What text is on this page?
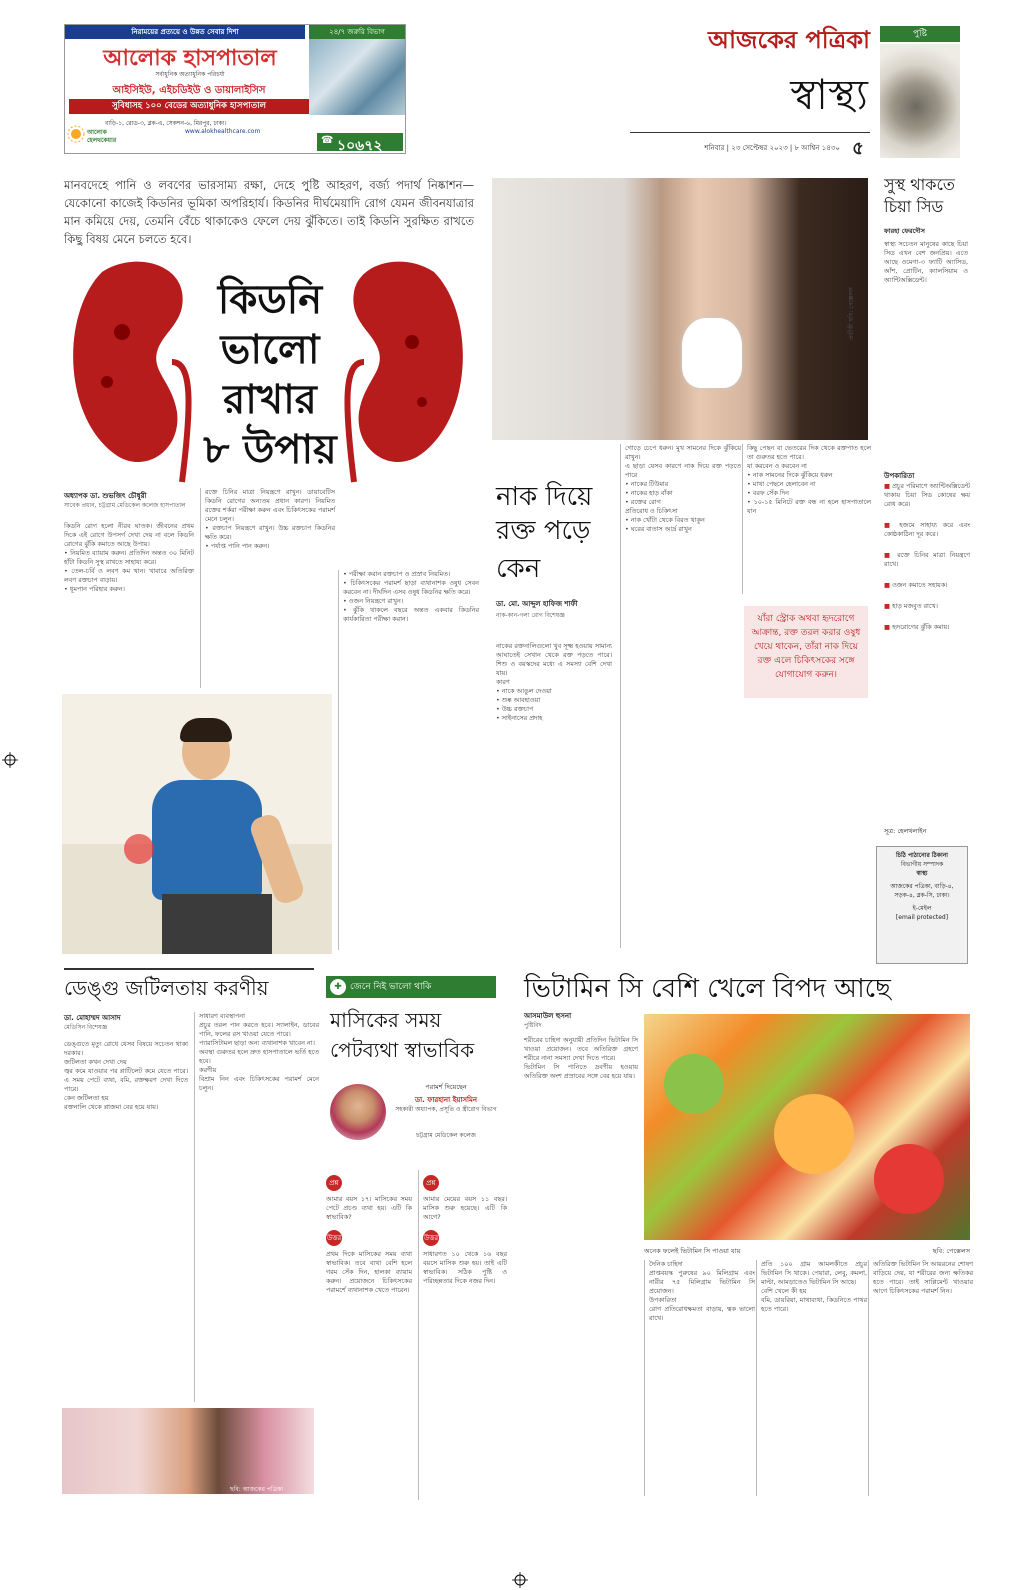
নিরাময়ের প্রত্যয়ে ও উন্নত সেবার দিশা
আলোক হাসপাতাল
সর্বাধুনিক অত্যাধুনিক পরিচর্যা
২৪/৭ জরুরি বিভাগ
আইসিইউ, এইচডিইউ ও ডায়ালাইসিস
সুবিধাসহ ১০০ বেডের অত্যাধুনিক হাসপাতাল
বাড়ি-১, রোড-৩, ব্লক-এ, সেকশন-৬, মিরপুর, ঢাকা।
www.alokhealthcare.com
আলোক হেলথকেয়ার	☎ ১০৬৭২
আজকের পত্রিকা
স্বাস্থ্য
শনিবার | ২৩ সেপ্টেম্বর ২০২৩ | ৮ আশ্বিন ১৪৩০ ৫
পুষ্টি
সুস্থ থাকতে
চিয়া সিড
ফারহা ফেরদৌস
স্বাস্থ্য সচেতন মানুষের কাছে চিয়া সিড এখন বেশ জনপ্রিয়। এতে আছে ওমেগা-৩ ফ্যাটি অ্যাসিড, আঁশ, প্রোটিন, ক্যালসিয়াম ও অ্যান্টিঅক্সিডেন্ট।
উপকারিতা
■ প্রচুর পরিমাণে অ্যান্টিঅক্সিডেন্ট থাকায় চিয়া সিড কোষের ক্ষয় রোধ করে।
■ হজমে সাহায্য করে এবং কোষ্ঠকাঠিন্য দূর করে।
■ রক্তে চিনির মাত্রা নিয়ন্ত্রণে রাখে।
■ ওজন কমাতে সহায়ক।
■ হাড় মজবুত রাখে।
■ হৃদরোগের ঝুঁকি কমায়।
সূত্র: হেলথলাইন
চিঠি পাঠানোর ঠিকানা
বিভাগীয় সম্পাদক
স্বাস্থ্য
আজকের পত্রিকা, বাড়ি-৪, সড়ক-৪, ব্লক-সি, ঢাকা।
ই-মেইল
[email protected]
মানবদেহে পানি ও লবণের ভারসাম্য রক্ষা, দেহে পুষ্টি আহরণ, বর্জ্য পদার্থ নিষ্কাশন— যেকোনো কাজেই কিডনির ভূমিকা অপরিহার্য। কিডনির দীর্ঘমেয়াদি রোগ যেমন জীবনযাত্রার মান কমিয়ে দেয়, তেমনি বেঁচে থাকাকেও ফেলে দেয় ঝুঁকিতে। তাই কিডনি সুরক্ষিত রাখতে কিছু বিষয় মেনে চলতে হবে।
কিডনি
ভালো
রাখার
৮ উপায়
অধ্যাপক ডা. শুভজিৎ চৌধুরী
সাবেক প্রধান, চট্টগ্রাম মেডিকেল কলেজ হাসপাতাল
কিডনি রোগ হলো নীরব ঘাতক। জীবনের প্রথম দিকে এই রোগে উপসর্গ দেখা দেয় না বলে কিডনি রোগের ঝুঁকি কমাতে আছে উপায়।
• নিয়মিত ব্যায়াম করুন। প্রতিদিন অন্তত ৩০ মিনিট হাঁটা কিডনি সুস্থ রাখতে সাহায্য করে।
• তেল-চর্বি ও লবণ কম খান। খাবারে অতিরিক্ত লবণ রক্তচাপ বাড়ায়।
• ধূমপান পরিহার করুন।
রক্তে চিনির মাত্রা নিয়ন্ত্রণে রাখুন। ডায়াবেটিস কিডনি রোগের অন্যতম প্রধান কারণ। নিয়মিত রক্তের শর্করা পরীক্ষা করুন এবং চিকিৎসকের পরামর্শ মেনে চলুন।
• রক্তচাপ নিয়ন্ত্রণে রাখুন। উচ্চ রক্তচাপ কিডনির ক্ষতি করে।
• পর্যাপ্ত পানি পান করুন।
• পরীক্ষা করান রক্তচাপ ও প্রস্রাব নিয়মিত।
• চিকিৎসকের পরামর্শ ছাড়া ব্যথানাশক ওষুধ সেবন করবেন না। দীর্ঘদিন এসব ওষুধ কিডনির ক্ষতি করে।
• ওজন নিয়ন্ত্রণে রাখুন।
• ঝুঁকি থাকলে বছরে অন্তত একবার কিডনির কার্যকারিতা পরীক্ষা করান।
প্রতীকী ছবি: পেক্সেলস
নাক দিয়ে
রক্ত পড়ে
কেন
ডা. মো. আব্দুল হাফিজ শাফী
নাক-কান-গলা রোগ বিশেষজ্ঞ
নাকের রক্তনালিগুলো খুব সূক্ষ্ম হওয়ায় সামান্য আঘাতেই সেখান থেকে রক্ত পড়তে পারে। শিশু ও বয়স্কদের মধ্যে এ সমস্যা বেশি দেখা যায়।
কারণ
• নাকে আঙুল দেওয়া
• শুষ্ক আবহাওয়া
• উচ্চ রক্তচাপ
• সাইনাসের প্রদাহ
গোড়ে চেপে ধরুন। মুখ সামনের দিকে ঝুঁকিয়ে রাখুন।
এ ছাড়া যেসব কারণে নাক দিয়ে রক্ত পড়তে পারে
• নাকের টিউমার
• নাকের হাড় বাঁকা
• রক্তের রোগ
প্রতিরোধ ও চিকিৎসা
• নাক খোঁটা থেকে বিরত থাকুন
• ঘরের বাতাস আর্দ্র রাখুন
কিছু পেছন বা ভেতরের দিক থেকে রক্তপাত হলে তা গুরুতর হতে পারে।
যা করবেন ও করবেন না
• নাক সামনের দিকে ঝুঁকিয়ে ধরুন
• মাথা পেছনে হেলাবেন না
• বরফ সেঁক দিন
• ১০-১৫ মিনিটে রক্ত বন্ধ না হলে হাসপাতালে যান
যাঁরা স্ট্রোক অথবা হৃদরোগে আক্রান্ত, রক্ত তরল করার ওষুধ খেয়ে থাকেন, তাঁরা নাক দিয়ে রক্ত এলে চিকিৎসকের সঙ্গে যোগাযোগ করুন।
ডেঙ্গু জটিলতায় করণীয়
ডা. মোহাম্মদ আসাদ
মেডিসিন বিশেষজ্ঞ
ডেঙ্গুতে মৃত্যু রোধে যেসব বিষয়ে সচেতন থাকা দরকার।
জটিলতা কখন দেখা দেয়
জ্বর কমে যাওয়ার পর প্লাটিলেট কমে যেতে পারে। এ সময় পেটে ব্যথা, বমি, রক্তক্ষরণ দেখা দিতে পারে।
কেন জটিলতা হয়
রক্তনালি থেকে প্লাজমা বের হয়ে যায়।
সাধারণ ব্যবস্থাপনা
প্রচুর তরল পান করতে হবে। স্যালাইন, ডাবের পানি, ফলের রস খাওয়া যেতে পারে।
প্যারাসিটামল ছাড়া অন্য ব্যথানাশক খাবেন না।
অবস্থা গুরুতর হলে দ্রুত হাসপাতালে ভর্তি হতে হবে।
করণীয়
বিশ্রাম নিন এবং চিকিৎসকের পরামর্শ মেনে চলুন।
ছবি: আজকের পত্রিকা
✚ জেনে নিই ভালো থাকি
মাসিকের সময়
পেটব্যথা স্বাভাবিক
পরামর্শ দিয়েছেন
ডা. ফারহানা ইয়াসমিন
সহকারী অধ্যাপক, প্রসূতি ও স্ত্রীরোগ বিভাগ
চট্টগ্রাম মেডিকেল কলেজ
প্রশ্ন
আমার বয়স ১৭। মাসিকের সময় পেটে প্রচণ্ড ব্যথা হয়। এটি কি স্বাভাবিক?
উত্তর
প্রথম দিকে মাসিকের সময় ব্যথা স্বাভাবিক। তবে ব্যথা বেশি হলে গরম সেঁক দিন, হালকা ব্যায়াম করুন। প্রয়োজনে চিকিৎসকের পরামর্শে ব্যথানাশক খেতে পারেন।
প্রশ্ন
আমার মেয়ের বয়স ১১ বছর। মাসিক শুরু হয়েছে। এটি কি আগে?
উত্তর
সাধারণত ১০ থেকে ১৬ বছর বয়সে মাসিক শুরু হয়। তাই এটি স্বাভাবিক। সঠিক পুষ্টি ও পরিচ্ছন্নতার দিকে নজর দিন।
ভিটামিন সি বেশি খেলে বিপদ আছে
আসমাউল হুসনা
পুষ্টিবিদ
শরীরের চাহিদা অনুযায়ী প্রতিদিন ভিটামিন সি খাওয়া প্রয়োজন। তবে অতিরিক্ত গ্রহণে শরীরে নানা সমস্যা দেখা দিতে পারে।
ভিটামিন সি পানিতে দ্রবণীয় হওয়ায় অতিরিক্ত অংশ প্রস্রাবের সঙ্গে বের হয়ে যায়।
অনেক ফলেই ভিটামিন সি পাওয়া যায়	ছবি: পেক্সেলস
দৈনিক চাহিদা
প্রাপ্তবয়স্ক পুরুষের ৯০ মিলিগ্রাম এবং নারীর ৭৫ মিলিগ্রাম ভিটামিন সি প্রয়োজন।
উপকারিতা
রোগ প্রতিরোধক্ষমতা বাড়ায়, ত্বক ভালো রাখে।
প্রতি ১০০ গ্রাম আমলকীতে প্রচুর ভিটামিন সি থাকে। পেয়ারা, লেবু, কমলা, মাল্টা, আমড়াতেও ভিটামিন সি আছে।
বেশি খেলে কী হয়
বমি, ডায়রিয়া, মাথাব্যথা, কিডনিতে পাথর হতে পারে।
অতিরিক্ত ভিটামিন সি আয়রনের শোষণ বাড়িয়ে দেয়, যা শরীরের জন্য ক্ষতিকর হতে পারে। তাই সাপ্লিমেন্ট খাওয়ার আগে চিকিৎসকের পরামর্শ নিন।
